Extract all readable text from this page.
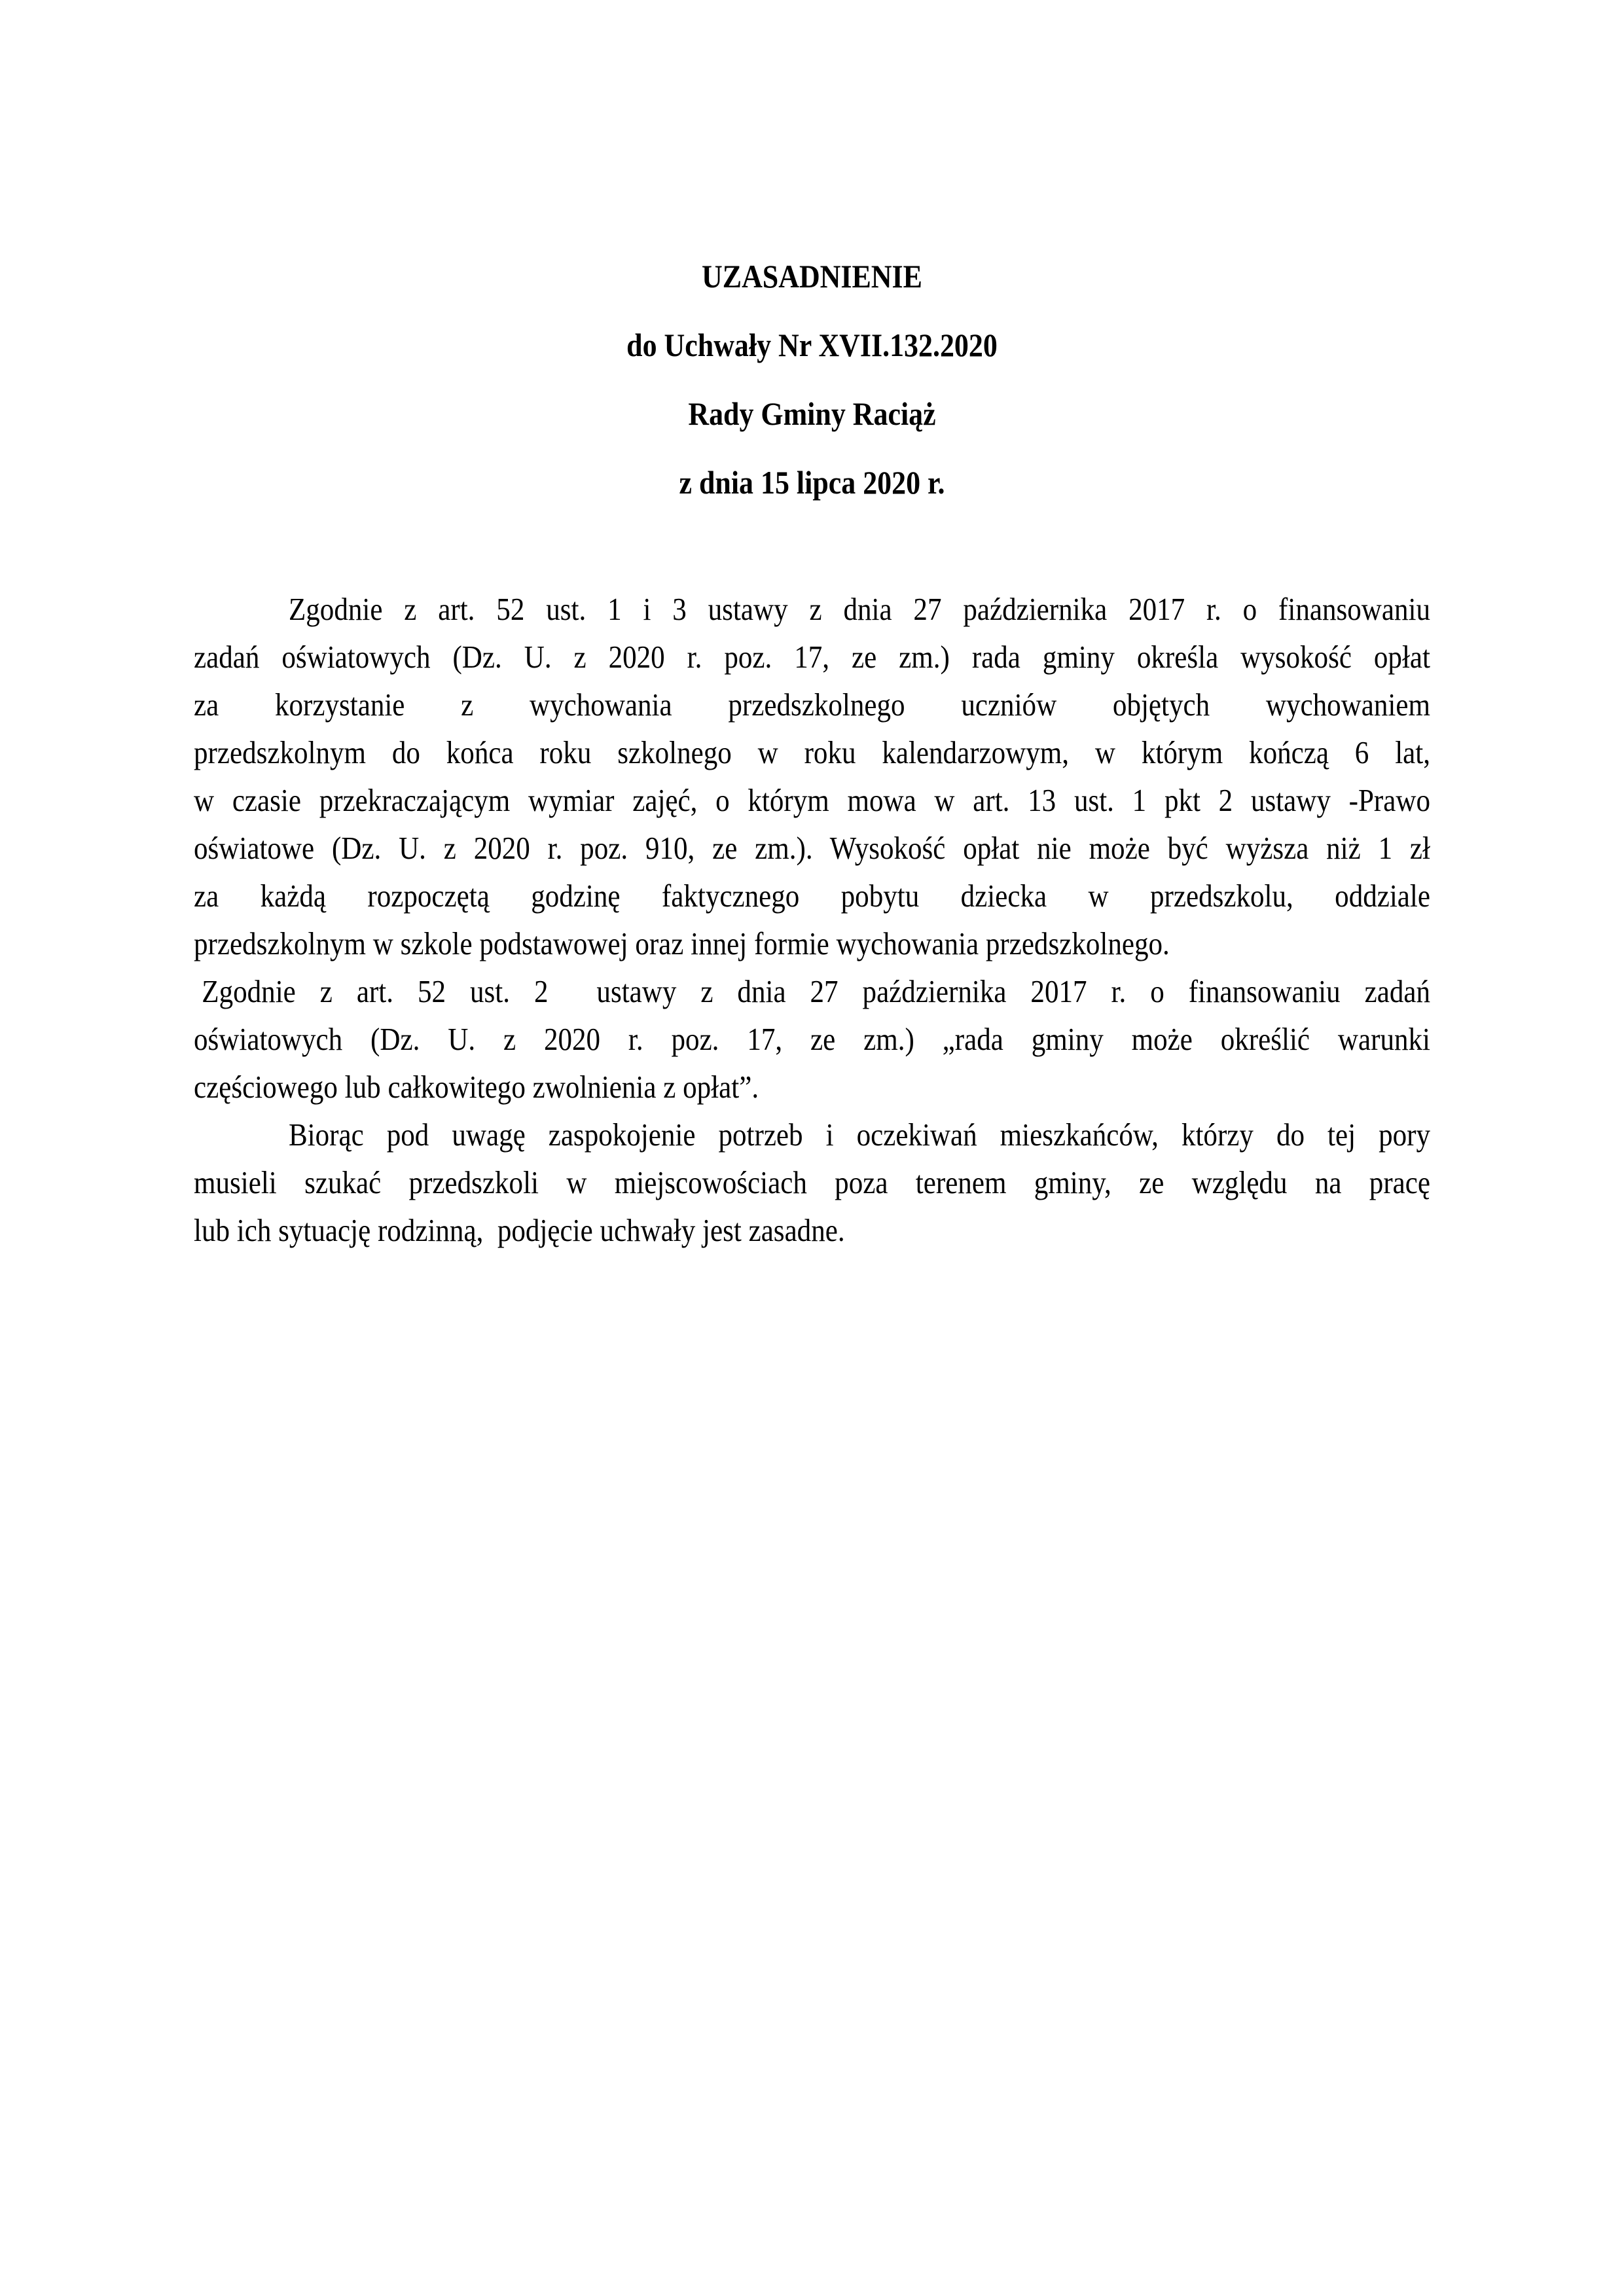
UZASADNIENIE
do Uchwały Nr XVII.132.2020
Rady Gminy Raciąż
z dnia 15 lipca 2020 r.
Zgodnie z art. 52 ust. 1 i 3 ustawy z dnia 27 października 2017 r. o finansowaniu
zadań oświatowych (Dz. U. z 2020 r. poz. 17, ze zm.) rada gminy określa wysokość opłat
za korzystanie z wychowania przedszkolnego uczniów objętych wychowaniem
przedszkolnym do końca roku szkolnego w roku kalendarzowym, w którym kończą 6 lat,
w czasie przekraczającym wymiar zajęć, o którym mowa w art. 13 ust. 1 pkt 2 ustawy -Prawo
oświatowe (Dz. U. z 2020 r. poz. 910, ze zm.). Wysokość opłat nie może być wyższa niż 1 zł
za każdą rozpoczętą godzinę faktycznego pobytu dziecka w przedszkolu, oddziale
przedszkolnym w szkole podstawowej oraz innej formie wychowania przedszkolnego.
Zgodnie z art. 52 ust. 2  ustawy z dnia 27 października 2017 r. o finansowaniu zadań
oświatowych (Dz. U. z 2020 r. poz. 17, ze zm.) „rada gminy może określić warunki
częściowego lub całkowitego zwolnienia z opłat”.
Biorąc pod uwagę zaspokojenie potrzeb i oczekiwań mieszkańców, którzy do tej pory
musieli szukać przedszkoli w miejscowościach poza terenem gminy, ze względu na pracę
lub ich sytuację rodzinną,  podjęcie uchwały jest zasadne.
